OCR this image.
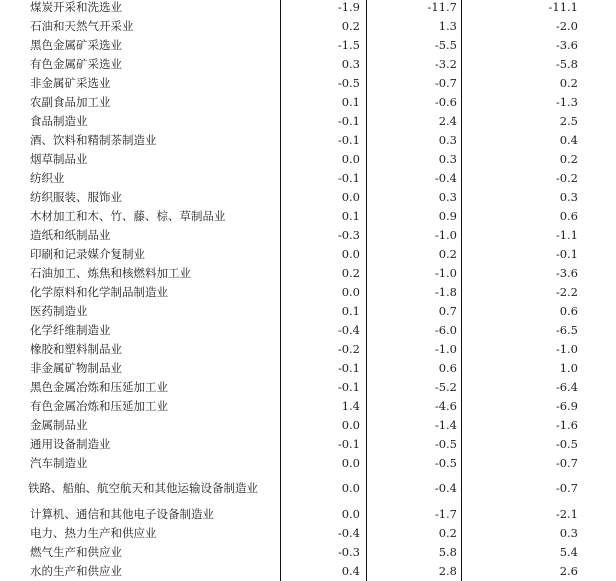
煤炭开采和洗选业	-1.9	-11.7	-11.1
石油和天然气开采业	0.2	1.3	-2.0
黑色金属矿采选业	-1.5	-5.5	-3.6
有色金属矿采选业	0.3	-3.2	-5.8
非金属矿采选业	-0.5	-0.7	0.2
农副食品加工业	0.1	-0.6	-1.3
食品制造业	-0.1	2.4	2.5
酒、饮料和精制茶制造业	-0.1	0.3	0.4
烟草制品业	0.0	0.3	0.2
纺织业	-0.1	-0.4	-0.2
纺织服装、服饰业	0.0	0.3	0.3
木材加工和木、竹、藤、棕、草制品业	0.1	0.9	0.6
造纸和纸制品业	-0.3	-1.0	-1.1
印刷和记录媒介复制业	0.0	0.2	-0.1
石油加工、炼焦和核燃料加工业	0.2	-1.0	-3.6
化学原料和化学制品制造业	0.0	-1.8	-2.2
医药制造业	0.1	0.7	0.6
化学纤维制造业	-0.4	-6.0	-6.5
橡胶和塑料制品业	-0.2	-1.0	-1.0
非金属矿物制品业	-0.1	0.6	1.0
黑色金属冶炼和压延加工业	-0.1	-5.2	-6.4
有色金属冶炼和压延加工业	1.4	-4.6	-6.9
金属制品业	0.0	-1.4	-1.6
通用设备制造业	-0.1	-0.5	-0.5
汽车制造业	0.0	-0.5	-0.7
铁路、船舶、航空航天和其他运输设备制造业	0.0	-0.4	-0.7
计算机、通信和其他电子设备制造业	0.0	-1.7	-2.1
电力、热力生产和供应业	-0.4	0.2	0.3
燃气生产和供应业	-0.3	5.8	5.4
水的生产和供应业	0.4	2.8	2.6
